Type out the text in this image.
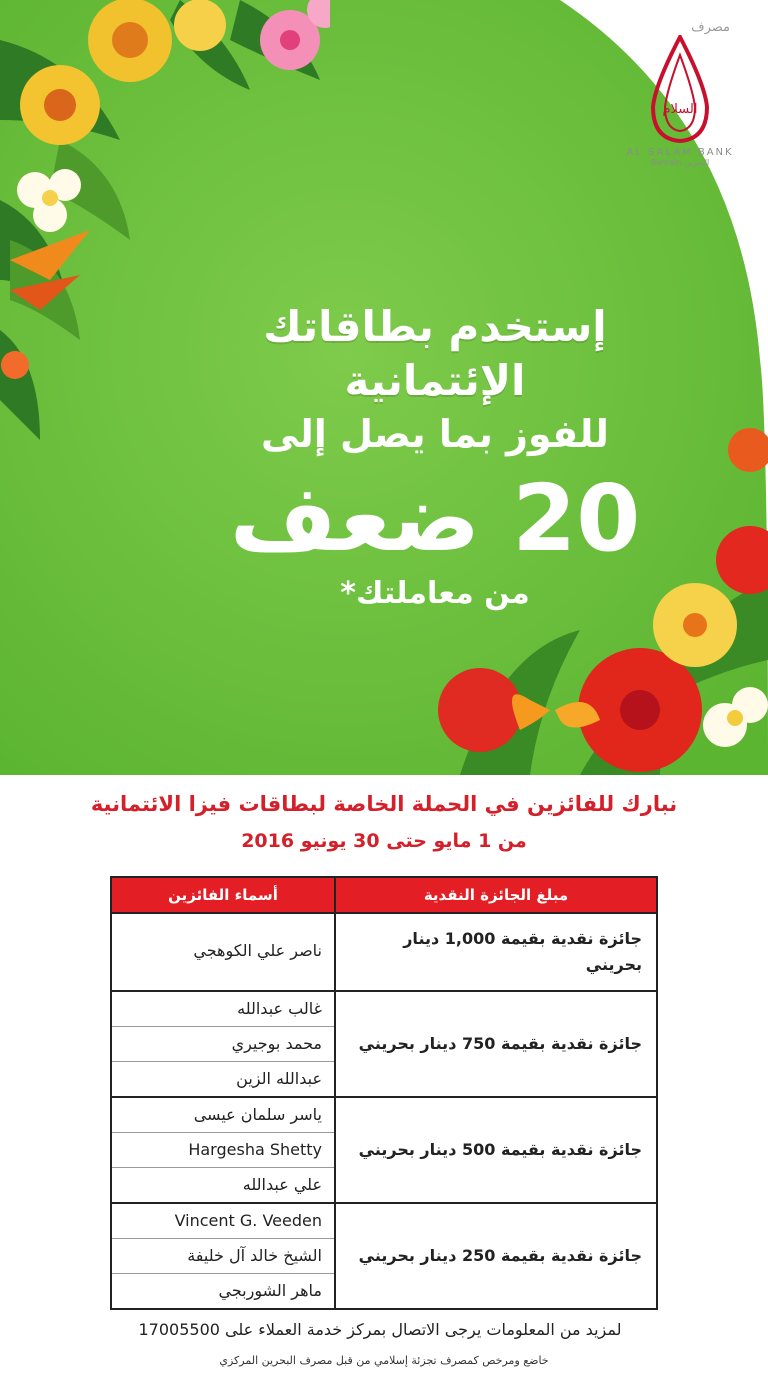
مصرف
السلام
AL SALAM BANK
Bahrain البحرين
إستخدم بطاقاتك الإئتمانية
للفوز بما يصل إلى
20 ضعف
من معاملتك*
نبارك للفائزين في الحملة الخاصة لبطاقات فيزا الائتمانية
من 1 مايو حتى 30 يونيو 2016
مبلغ الجائزة النقدية	أسماء الفائزين
جائزة نقدية بقيمة 1,000 دينار بحريني	ناصر علي الكوهجي

جائزة نقدية بقيمة 750 دينار بحريني	غالب عبدالله
محمد بوجيري
عبدالله الزين

جائزة نقدية بقيمة 500 دينار بحريني	ياسر سلمان عيسى
Hargesha Shetty
علي عبدالله

جائزة نقدية بقيمة 250 دينار بحريني	Vincent G. Veeden
الشيخ خالد آل خليفة
ماهر الشوربجي
لمزيد من المعلومات يرجى الاتصال بمركز خدمة العملاء على 17005500
خاضع ومرخص كمصرف تجزئة إسلامي من قبل مصرف البحرين المركزي
